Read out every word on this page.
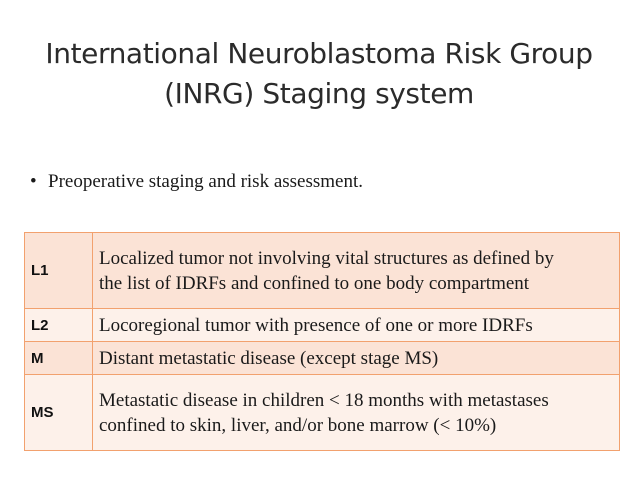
International Neuroblastoma Risk Group
(INRG) Staging system
• Preoperative staging and risk assessment.
L1	Localized tumor not involving vital structures as defined by
the list of IDRFs and confined to one body compartment

L2	Locoregional tumor with presence of one or more IDRFs

M	Distant metastatic disease (except stage MS)

MS	Metastatic disease in children < 18 months with metastases
confined to skin, liver, and/or bone marrow (< 10%)
